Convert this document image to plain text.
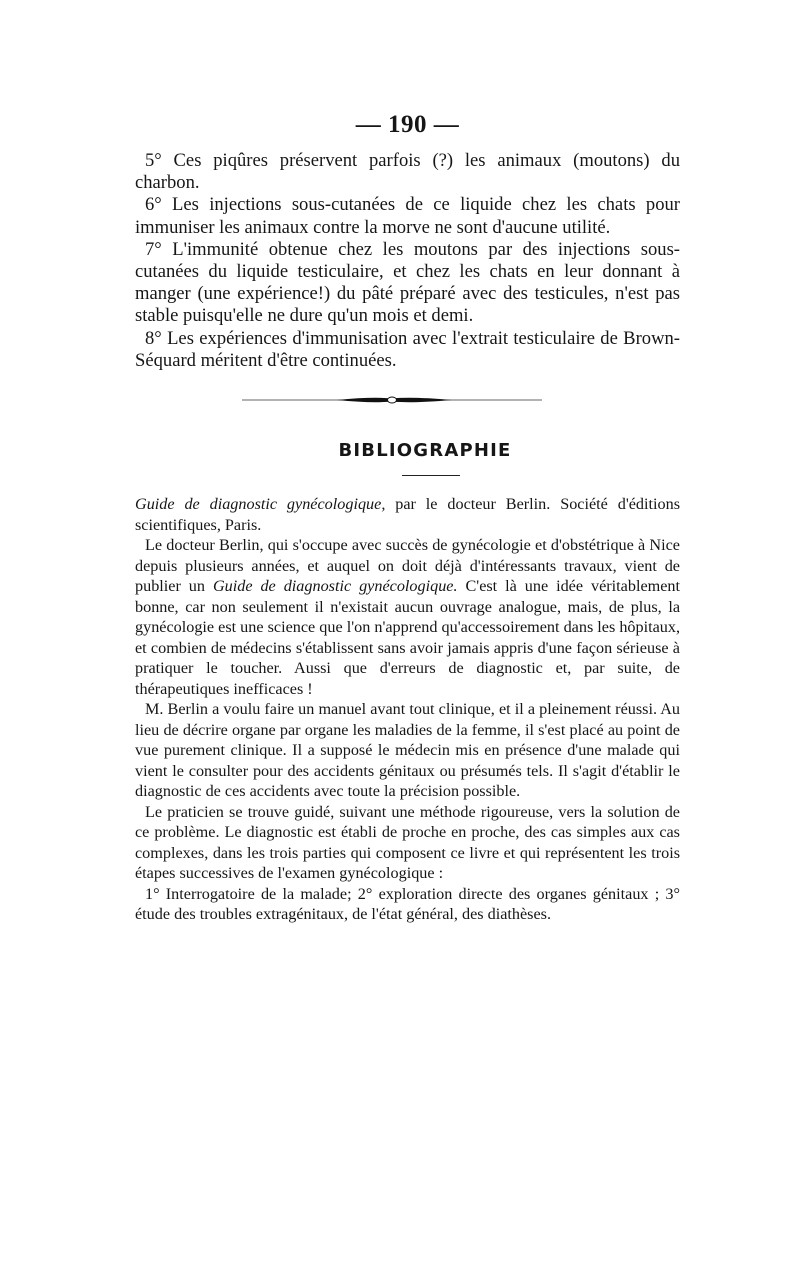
— 190 —

5° Ces piqûres préservent parfois (?) les animaux (moutons) du charbon.

6° Les injections sous-cutanées de ce liquide chez les chats pour immuniser les animaux contre la morve ne sont d'aucune utilité.

7° L'immunité obtenue chez les moutons par des injections sous-cutanées du liquide testiculaire, et chez les chats en leur donnant à manger (une expérience!) du pâté préparé avec des testicules, n'est pas stable puisqu'elle ne dure qu'un mois et demi.

8° Les expériences d'immunisation avec l'extrait testiculaire de Brown-Séquard méritent d'être continuées.

BIBLIOGRAPHIE

Guide de diagnostic gynécologique, par le docteur Berlin. Société d'éditions scientifiques, Paris.

Le docteur Berlin, qui s'occupe avec succès de gynécologie et d'obstétrique à Nice depuis plusieurs années, et auquel on doit déjà d'intéressants travaux, vient de publier un Guide de diagnostic gynécologique. C'est là une idée véritablement bonne, car non seulement il n'existait aucun ouvrage analogue, mais, de plus, la gynécologie est une science que l'on n'apprend qu'accessoirement dans les hôpitaux, et combien de médecins s'établissent sans avoir jamais appris d'une façon sérieuse à pratiquer le toucher. Aussi que d'erreurs de diagnostic et, par suite, de thérapeutiques inefficaces !

M. Berlin a voulu faire un manuel avant tout clinique, et il a pleinement réussi. Au lieu de décrire organe par organe les maladies de la femme, il s'est placé au point de vue purement clinique. Il a supposé le médecin mis en présence d'une malade qui vient le consulter pour des accidents génitaux ou présumés tels. Il s'agit d'établir le diagnostic de ces accidents avec toute la précision possible.

Le praticien se trouve guidé, suivant une méthode rigoureuse, vers la solution de ce problème. Le diagnostic est établi de proche en proche, des cas simples aux cas complexes, dans les trois parties qui composent ce livre et qui représentent les trois étapes successives de l'examen gynécologique :

1° Interrogatoire de la malade; 2° exploration directe des organes génitaux ; 3° étude des troubles extragénitaux, de l'état général, des diathèses.
